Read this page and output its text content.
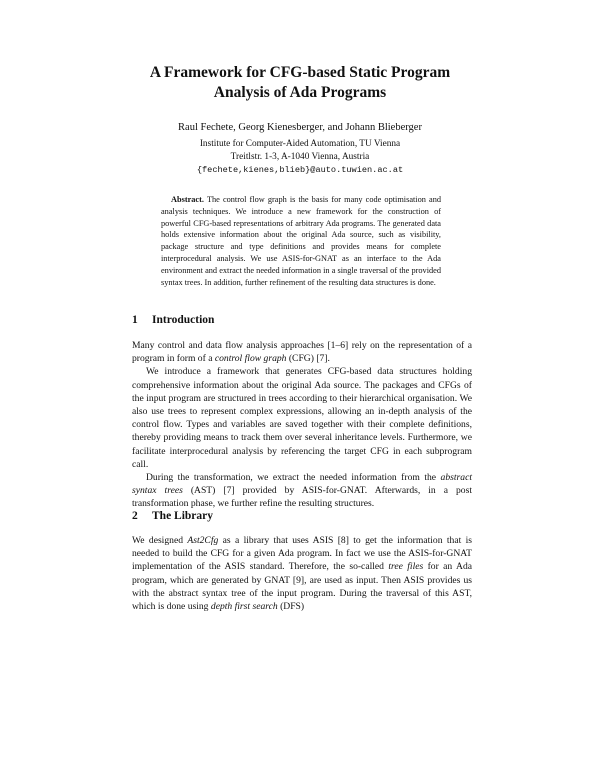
A Framework for CFG-based Static Program
Analysis of Ada Programs
Raul Fechete, Georg Kienesberger, and Johann Blieberger
Institute for Computer-Aided Automation, TU Vienna
Treitlstr. 1-3, A-1040 Vienna, Austria
{fechete,kienes,blieb}@auto.tuwien.ac.at
Abstract. The control flow graph is the basis for many code optimisation and analysis techniques. We introduce a new framework for the construction of powerful CFG-based representations of arbitrary Ada programs. The generated data holds extensive information about the original Ada source, such as visibility, package structure and type definitions and provides means for complete interprocedural analysis. We use ASIS-for-GNAT as an interface to the Ada environment and extract the needed information in a single traversal of the provided syntax trees. In addition, further refinement of the resulting data structures is done.
1 Introduction

Many control and data flow analysis approaches [1–6] rely on the representation of a program in form of a control flow graph (CFG) [7].

We introduce a framework that generates CFG-based data structures holding comprehensive information about the original Ada source. The packages and CFGs of the input program are structured in trees according to their hierarchical organisation. We also use trees to represent complex expressions, allowing an in-depth analysis of the control flow. Types and variables are saved together with their complete definitions, thereby providing means to track them over several inheritance levels. Furthermore, we facilitate interprocedural analysis by referencing the target CFG in each subprogram call.

During the transformation, we extract the needed information from the abstract syntax trees (AST) [7] provided by ASIS-for-GNAT. Afterwards, in a post transformation phase, we further refine the resulting structures.

2 The Library

We designed Ast2Cfg as a library that uses ASIS [8] to get the information that is needed to build the CFG for a given Ada program. In fact we use the ASIS-for-GNAT implementation of the ASIS standard. Therefore, the so-called tree files for an Ada program, which are generated by GNAT [9], are used as input. Then ASIS provides us with the abstract syntax tree of the input program. During the traversal of this AST, which is done using depth first search (DFS)
